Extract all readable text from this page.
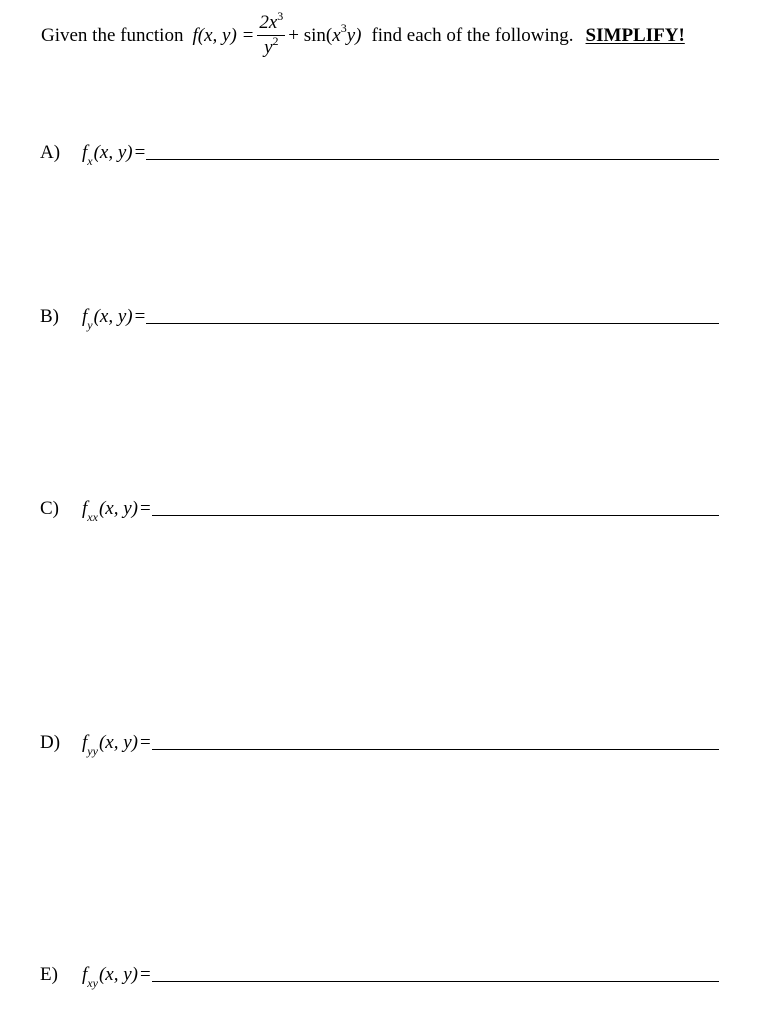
Given the function f(x, $y) = \frac{2x^3}{y^2} + \sin$( x 3 y) find each of the following. SIMPLIFY!
A)	f x (x, y) =
B)	f y (x, y) =
C)	f xx (x, y) =
D)	f yy (x, y) =
E)	f xy (x, y) =
